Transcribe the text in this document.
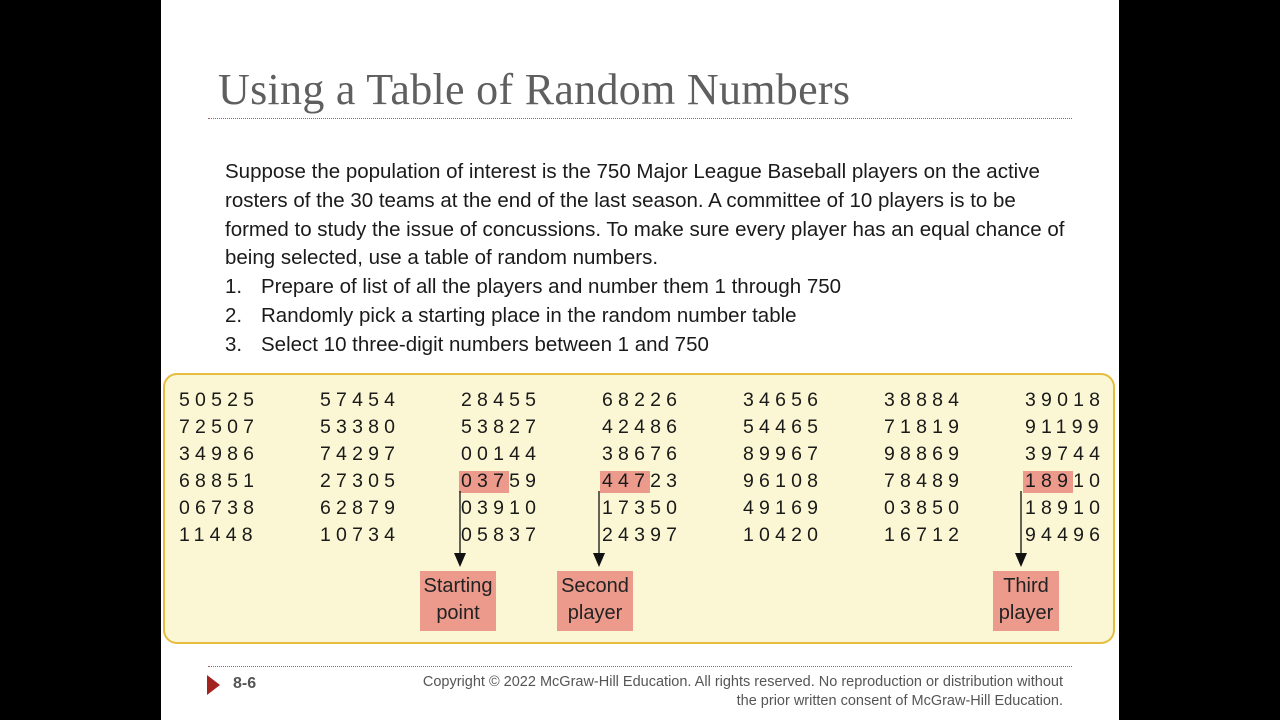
Using a Table of Random Numbers

Suppose the population of interest is the 750 Major League Baseball players on the active rosters of the 30 teams at the end of the last season. A committee of 10 players is to be formed to study the issue of concussions. To make sure every player has an equal chance of being selected, use a table of random numbers.

1. Prepare of list of all the players and number them 1 through 750
2. Randomly pick a starting place in the random number table
3. Select 10 three-digit numbers between 1 and 750
50525	57454	28455	68226	34656	38884	39018
72507	53380	53827	42486	54465	71819	91199
34986	74297	00144	38676	89967	98869	39744
68851	27305	03759	44723	96108	78489	18910
06738	62879	03910	17350	49169	03850	18910
11448	10734	05837	24397	10420	16712	94496
Starting
point
Second
player
Third
player
8-6	Copyright © 2022 McGraw-Hill Education. All rights reserved. No reproduction or distribution without
the prior written consent of McGraw-Hill Education.
